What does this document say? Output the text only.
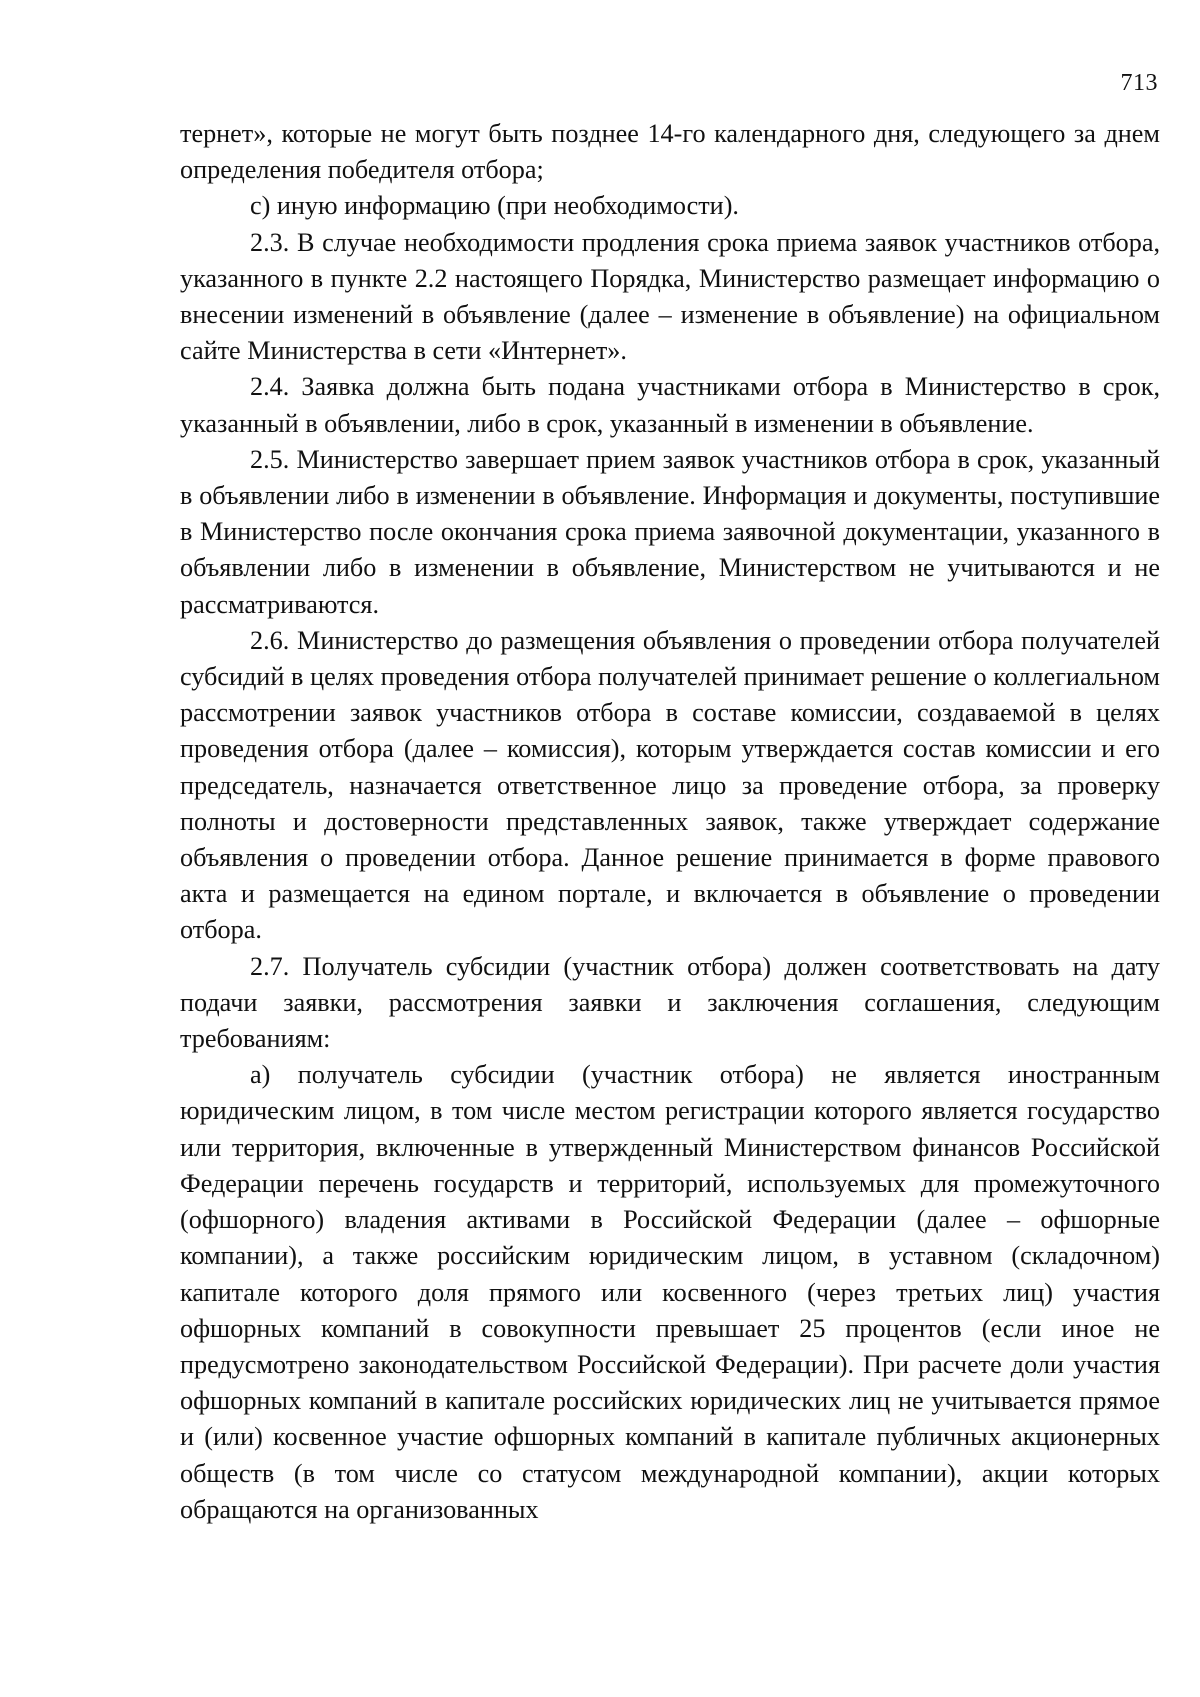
713

тернет», которые не могут быть позднее 14-го календарного дня, следующего за днем определения победителя отбора;

с) иную информацию (при необходимости).

2.3. В случае необходимости продления срока приема заявок участников отбора, указанного в пункте 2.2 настоящего Порядка, Министерство размещает информацию о внесении изменений в объявление (далее – изменение в объявление) на официальном сайте Министерства в сети «Интернет».

2.4. Заявка должна быть подана участниками отбора в Министерство в срок, указанный в объявлении, либо в срок, указанный в изменении в объявление.

2.5. Министерство завершает прием заявок участников отбора в срок, указанный в объявлении либо в изменении в объявление. Информация и документы, поступившие в Министерство после окончания срока приема заявочной документации, указанного в объявлении либо в изменении в объявление, Министерством не учитываются и не рассматриваются.

2.6. Министерство до размещения объявления о проведении отбора получателей субсидий в целях проведения отбора получателей принимает решение о коллегиальном рассмотрении заявок участников отбора в составе комиссии, создаваемой в целях проведения отбора (далее – комиссия), которым утверждается состав комиссии и его председатель, назначается ответственное лицо за проведение отбора, за проверку полноты и достоверности представленных заявок, также утверждает содержание объявления о проведении отбора. Данное решение принимается в форме правового акта и размещается на едином портале, и включается в объявление о проведении отбора.

2.7. Получатель субсидии (участник отбора) должен соответствовать на дату подачи заявки, рассмотрения заявки и заключения соглашения, следующим требованиям:

а) получатель субсидии (участник отбора) не является иностранным юридическим лицом, в том числе местом регистрации которого является государство или территория, включенные в утвержденный Министерством финансов Российской Федерации перечень государств и территорий, используемых для промежуточного (офшорного) владения активами в Российской Федерации (далее – офшорные компании), а также российским юридическим лицом, в уставном (складочном) капитале которого доля прямого или косвенного (через третьих лиц) участия офшорных компаний в совокупности превышает 25 процентов (если иное не предусмотрено законодательством Российской Федерации). При расчете доли участия офшорных компаний в капитале российских юридических лиц не учитывается прямое и (или) косвенное участие офшорных компаний в капитале публичных акционерных обществ (в том числе со статусом международной компании), акции которых обращаются на организованных
